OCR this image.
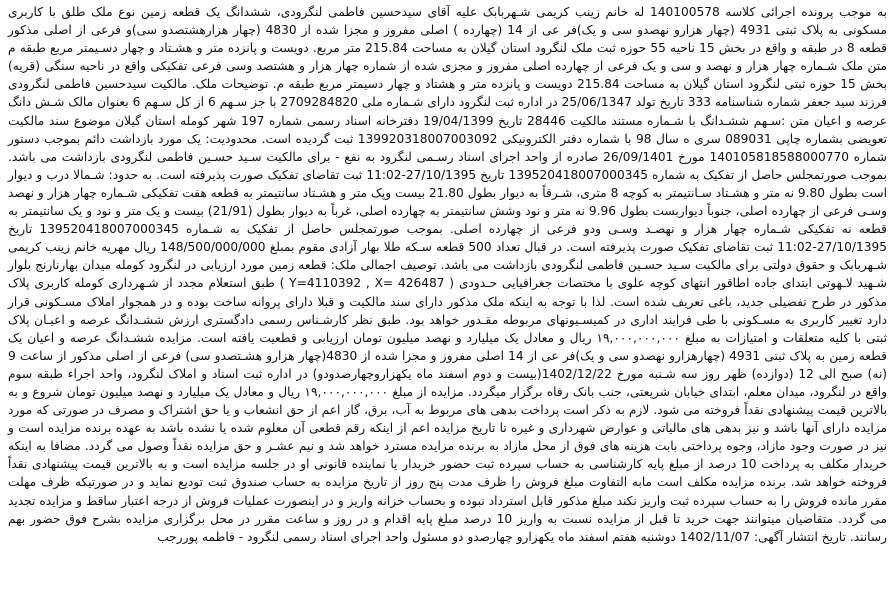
به موجب پرونده اجرائی کلاسه 140100578 له خانم زینب کریمی شـهربابک علیه آقای سیدحسین فاطمی لنگرودی، ششدانگ یک قطعه زمین نوع ملک طلق با کاربری مسکونی به پلاک ثبتی 4931 (چهار هزارو نهصدو سی و یک)فر عی از 14 (چهارده ) اصلی مفروز و مجزا شده از 4830 (چهار هزارهشتصدو سی)و فرعی از اصلی مذکور قطعه 8 در طبقه و واقع در بخش 15 ناحیه 55 حوزه ثبت ملک لنگرود استان گیلان به مساحت 215.84 متر مربع. دویست و پانزده متر و هشـتاد و چهار دسـیمتر مربع طبقه م متن ملک شـماره چهار هزار و نهصد و سی و یک فرعی از چهارده اصلی مفروز و مجزی شده از شماره چهار هزار و هشتصد وسی فرعی تفکیکی واقع در ناحیه سنگی (قریه) بخش 15 حوزه ثبتی لنگرود استان گیلان به مساحت 215.84 دویست و پانزده متر و هشتاد و چهار دسیمتر مربع طبقه م. توضیحات ملک. مالکیت سیدحسین فاطمی لنگرودی فرزند سید جعفر شماره شناسنامه 333 تاریخ تولد 25/06/1347 در اداره ثبت لنگرود دارای شـماره ملی 2709284820 با جز سـهم 6 از کل سـهم 6 بعنوان مالک شـش دانگ عرصه و اعیان متن :سـهم ششـدانگ با شـماره مستند مالکیت 28446 تاریخ 19/04/1399 دفترخانه اسناد رسمی شماره 197 شهر کومله استان گیلان موضوع سند مالکیت تعویضی بشماره چاپی 089031 سری ه سال 98 با شماره دفتر الکترونیکی 139920318007003092 ثبت گردیده است. محدودیت: یک مورد بازداشت دائم بموجب دستور شماره 140105818588000770 مورخ 26/09/1401 صادره از واحد اجرای اسناد رسـمی لنگرود به نفع - برای مالکیت سـید حسـین فاطمی لنگرودی بازداشت می باشد. بموجب صورتمجلس حاصل از تفکیک به شماره 139520418007000345 تاریخ 27/10/1395-11:02 ثبت تقاضای تفکیک صورت پذیرفته است. به حدود: شـمالا درب و دیوار است بطول 9.80 نه متر و هشـتاد سـانتیمتر به کوچه 8 متری، شـرقاً به دیوار بطول 21.80 بیست وپک متر و هشـتاد سانتیمتر به قطعه هفت تفکیکی شـماره چهار هزار و نهصد وسـی فرعی از چهارده اصلی، جنوباً دیواربست بطول 9.96 نه متر و نود وشش سانتیمتر به چهارده اصلی، غرباً به دیوار بطول (21/91) بیست و یک متر و نود و یک سانتیمتر به قطعه نه تفکیکی شـماره چهار هزار و نهصـد وسـی ودو فرعی از چهارده اصلی. بموجب صورتمجلس حاصل از تفکیک به شـماره 139520418007000345 تاریخ 27/10/1395-11:02 ثبت تقاضای تفکیک صورت پذیرفته است. در قبال تعداد 500 قطعه سـکه طلا بهار آزادی مقوم بمبلغ 148/500/000/000 ریال مهریه خانم زینب کریمی شـهربابک و حقوق دولتی برای مالکیت سـید حسـین فاطمی لنگرودی بازداشت می باشد. توصیف اجمالی ملک: قطعه زمین مورد ارزیابی در لنگرود کومله میدان بهارنارنج بلوار شـهید لاـهوتی ابتدای جاده اطاقور انتهای کوچه علوی با مختصات جغرافیایی حـدودی ( Y=4110392 , X= 426487 ) طبق استعلام مجدد از شـهرداری کومله کاربری پلاک مذکور در طرح تفضیلی جدید، باغی تعریف شده است. لذا با توجه به اینکه ملک مذکور دارای سند مالکیت و قبلا دارای پروانه ساخت بوده و در همجوار املاک مسـکونی قرار دارد تغییر کاربری به مسـکونی با طی فرایند اداری در کمیسـیونهای مربوطه مقـدور خواهد بود. طبق نظر کارشـناس رسمی دادگستری ارزش ششـدانگ عرصه و اعیـان پلاک ثبتی با کلیه متعلقات و امتیازات به مبلغ ۱۹,۰۰۰,۰۰۰,۰۰۰ ریال و معادل یک میلیارد و نهصد میلیون تومان ارزیابی و قطعیت یافته است. مزایده ششـدانگ عرصه و اعیان یک قطعه زمین به پلاک ثبتی 4931 (چهارهزارو نهصدو سی و یک)فر عی از 14 اصلی مفروز و مجزا شده از 4830(چهار هزارو هشـتصدو سی) فرعی از اصلی مذکور از ساعت 9 (نه) صبح الی 12 (دوازده) ظهر روز سه شـنبه مورخ 1402/12/22(بیست و دوم اسفند ماه یکهزاروچهارصدودو) در اداره ثبت اسناد و املاک لنگرود، واحد اجراء طبقه سوم واقع در لنگرود، میدان معلم، ابتدای خیابان شریعتی، جنب بانک رفاه برگزار میگردد. مزایده از مبلغ ۱۹,۰۰۰,۰۰۰,۰۰۰ ریال و معادل یک میلیارد و نهصد میلیون تومان شروع و به بالاترین قیمت پیشنهادی نقداً فروخته می شود. لازم به ذکر است پرداخت بدهی های مربوط به آب، برق، گاز اعم از حق انشعاب و یا حق اشتراک و مصرف در صورتی که مورد مزایده دارای آنها باشد و نیز بدهی های مالیاتی و عوارض شهرداری و غیره تا تاریخ مزایده اعم از اینکه رقم قطعی آن معلوم شده یا نشده باشد به عهده برنده مزایده است و نیز در صورت وجود مازاد، وجوه پرداختی بابت هزینه های فوق از محل مازاد به برنده مزایده مسترد خواهد شد و نیم عشـر و حق مزایده نقداً وصول می گردد. مضافا به اینکه خریدار مکلف به پرداخت 10 درصد از مبلغ پایه کارشناسی به حساب سپرده ثبت حضور خریدار یا نماینده قانونی او در جلسه مزایده است و به بالاترین قیمت پیشنهادی نقداً فروخته خواهد شد. برنده مزایده مکلف است مابه التفاوت مبلغ فروش را ظرف مدت پنج روز از تاریخ مزایده به حساب صندوق ثبت تودیع نماید و در صورتیکه ظرف مهلت مقرر مانده فروش را به حساب سپرده ثبت واریز نکند مبلغ مذکور قابل استرداد نبوده و بحساب خزانه واریز و در اینصورت عملیات فروش از درجه اعتبار ساقط و مزایده تجدید می گردد. متقاضیان میتوانند جهت خرید تا قبل از مزایده نسبت به واریز 10 درصد مبلغ پایه اقدام و در روز و ساعت مقرر در محل برگزاری مزایده بشرح فوق حضور بهم رسانند. تاریخ انتشار آگهی: 1402/11/07 دوشنبه هفتم اسفند ماه یکهزارو چهارصدو دو مسئول واحد اجرای اسناد رسمی لنگرود - فاطمه پوررجب
